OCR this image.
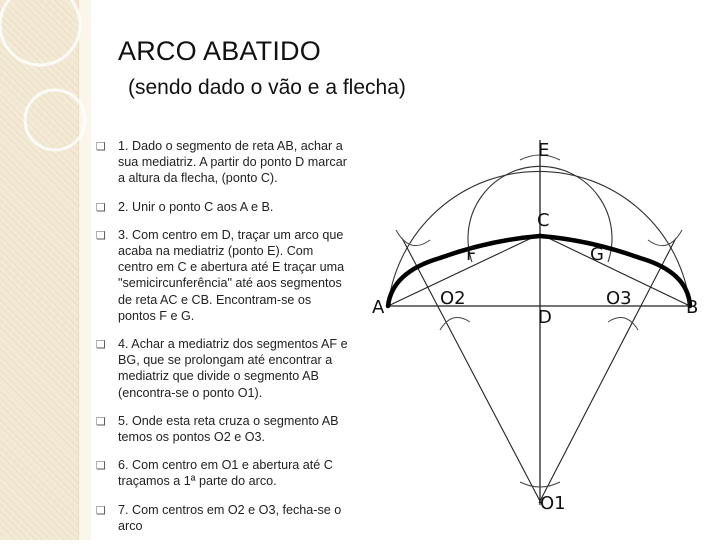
ARCO ABATIDO
(sendo dado o vão e a flecha)
❑ 1. Dado o segmento de reta AB, achar a sua mediatriz. A partir do ponto D marcar a altura da flecha, (ponto C).
❑ 2. Unir o ponto C aos A e B.
❑ 3. Com centro em D, traçar um arco que acaba na mediatriz (ponto E). Com centro em C e abertura até E traçar uma "semicircunferência" até aos segmentos de reta AC e CB. Encontram-se os pontos F e G.
❑ 4. Achar a mediatriz dos segmentos AF e BG, que se prolongam até encontrar a mediatriz que divide o segmento AB (encontra-se o ponto O1).
❑ 5. Onde esta reta cruza o segmento AB temos os pontos O2 e O3.
❑ 6. Com centro em O1 e abertura até C traçamos a 1ª parte do arco.
❑ 7. Com centros em O2 e O3, fecha-se o arco
E
C
F	G
A	B
D
O2	O3
O1
